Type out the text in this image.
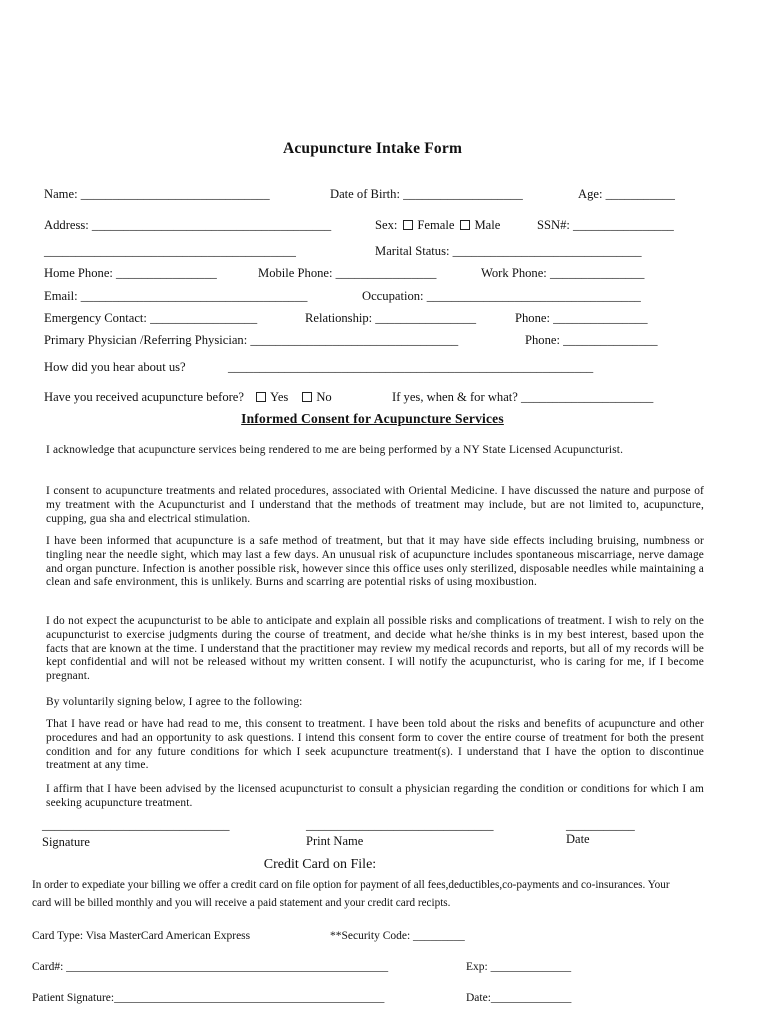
Acupuncture Intake Form
Name: ______________________________	Date of Birth: ___________________	Age: ___________
Address: ______________________________________	Sex: Female Male	SSN#: ________________
________________________________________	Marital Status: ______________________________
Home Phone: ________________	Mobile Phone: ________________	Work Phone: _______________
Email: ____________________________________	Occupation: __________________________________
Emergency Contact: _________________	Relationship: ________________	Phone: _______________
Primary Physician /Referring Physician: _________________________________	Phone: _______________
How did you hear about us?	__________________________________________________________
Have you received acupuncture before? Yes No	If yes, when & for what? _____________________
Informed Consent for Acupuncture Services
I acknowledge that acupuncture services being rendered to me are being performed by a NY State Licensed Acupuncturist.
I consent to acupuncture treatments and related procedures, associated with Oriental Medicine. I have discussed the nature and purpose of my treatment with the Acupuncturist and I understand that the methods of treatment may include, but are not limited to, acupuncture, cupping, gua sha and electrical stimulation.
I have been informed that acupuncture is a safe method of treatment, but that it may have side effects including bruising, numbness or tingling near the needle sight, which may last a few days. An unusual risk of acupuncture includes spontaneous miscarriage, nerve damage and organ puncture. Infection is another possible risk, however since this office uses only sterilized, disposable needles while maintaining a clean and safe environment, this is unlikely. Burns and scarring are potential risks of using moxibustion.
I do not expect the acupuncturist to be able to anticipate and explain all possible risks and complications of treatment. I wish to rely on the acupuncturist to exercise judgments during the course of treatment, and decide what he/she thinks is in my best interest, based upon the facts that are known at the time. I understand that the practitioner may review my medical records and reports, but all of my records will be kept confidential and will not be released without my written consent. I will notify the acupuncturist, who is caring for me, if I become pregnant.
By voluntarily signing below, I agree to the following:
That I have read or have had read to me, this consent to treatment. I have been told about the risks and benefits of acupuncture and other procedures and had an opportunity to ask questions. I intend this consent form to cover the entire course of treatment for both the present condition and for any future conditions for which I seek acupuncture treatment(s). I understand that I have the option to discontinue treatment at any time.
I affirm that I have been advised by the licensed acupuncturist to consult a physician regarding the condition or conditions for which I am seeking acupuncture treatment.
______________________________	______________________________	___________
Signature	Print Name	Date
Credit Card on File:
In order to expediate your billing we offer a credit card on file option for payment of all fees,deductibles,co-payments and co-insurances. Your card will be billed monthly and you will receive a paid statement and your credit card recipts.
Card Type: Visa MasterCard American Express	**Security Code: _________
Card#: ________________________________________________________	Exp: ______________
Patient Signature:_______________________________________________	Date:______________
